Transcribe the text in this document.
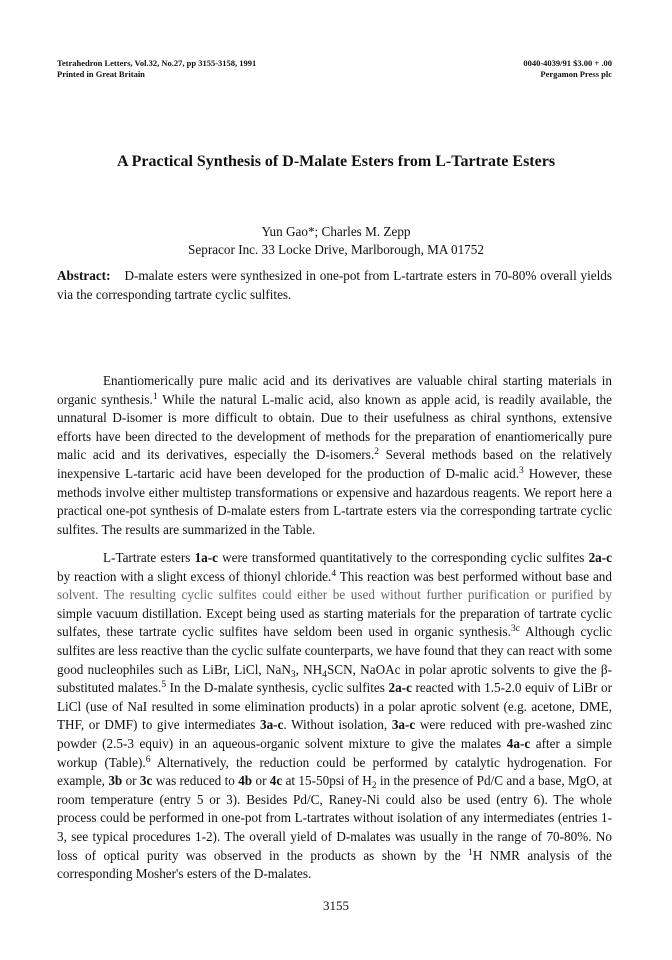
Tetrahedron Letters, Vol.32, No.27, pp 3155-3158, 1991
Printed in Great Britain
0040-4039/91 $3.00 + .00
Pergamon Press plc
A Practical Synthesis of D-Malate Esters from L-Tartrate Esters
Yun Gao*; Charles M. Zepp
Sepracor Inc. 33 Locke Drive, Marlborough, MA 01752
Abstract: D-malate esters were synthesized in one-pot from L-tartrate esters in 70-80% overall yields via the corresponding tartrate cyclic sulfites.

Enantiomerically pure malic acid and its derivatives are valuable chiral starting materials in organic synthesis.$^1$ While the natural L-malic acid, also known as apple acid, is readily available, the unnatural D-isomer is more difficult to obtain. Due to their usefulness as chiral synthons, extensive efforts have been directed to the development of methods for the preparation of enantiomerically pure malic acid and its derivatives, especially the D-isomers.$^2$ Several methods based on the relatively inexpensive L-tartaric acid have been developed for the production of D-malic acid.$^3$ However, these methods involve either multistep transformations or expensive and hazardous reagents. We report here a practical one-pot synthesis of D-malate esters from L-tartrate esters via the corresponding tartrate cyclic sulfites. The results are summarized in the Table.

L-Tartrate esters 1a-c were transformed quantitatively to the corresponding cyclic sulfites 2a-c by reaction with a slight excess of thionyl chloride.$^4$ This reaction was best performed without base and solvent. The resulting cyclic sulfites could either be used without further purification or purified by simple vacuum distillation. Except being used as starting materials for the preparation of tartrate cyclic sulfates, these tartrate cyclic sulfites have seldom been used in organic synthesis.$^{3c}$ Although cyclic sulfites are less reactive than the cyclic sulfate counterparts, we have found that they can react with some good nucleophiles such as LiBr, LiCl, NaN$_3$, $NH_4SCN$, NaOAc in polar aprotic solvents to give the β-substituted malates.$^5$ In the D-malate synthesis, cyclic sulfites 2a-c reacted with 1.5-2.0 equiv of LiBr or LiCl (use of NaI resulted in some elimination products) in a polar aprotic solvent (e.g. acetone, DME, THF, or DMF) to give intermediates 3a-c. Without isolation, 3a-c were reduced with pre-washed zinc powder (2.5-3 equiv) in an aqueous-organic solvent mixture to give the malates 4a-c after a simple workup (Table).$^6$ Alternatively, the reduction could be performed by catalytic hydrogenation. For example, 3b or 3c was reduced to 4b or 4c at 15-50psi of $H_2$ in the presence of Pd/C and a base, MgO, at room temperature (entry 5 or 3). Besides Pd/C, Raney-Ni could also be used (entry 6). The whole process could be performed in one-pot from L-tartrates without isolation of any intermediates (entries 1-3, see typical procedures 1-2). The overall yield of D-malates was usually in the range of 70-80%. No loss of optical purity was observed in the products as shown by the $^1$H NMR analysis of the corresponding Mosher's esters of the D-malates.

3155
